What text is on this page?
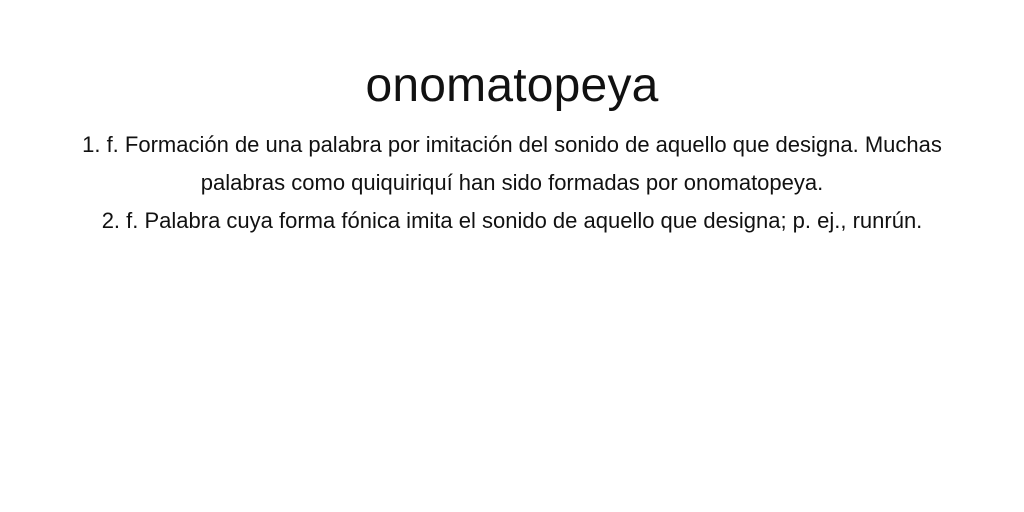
onomatopeya

1. f. Formación de una palabra por imitación del sonido de aquello que designa. Muchas palabras como quiquiriquí han sido formadas por onomatopeya.

2. f. Palabra cuya forma fónica imita el sonido de aquello que designa; p. ej., runrún.
